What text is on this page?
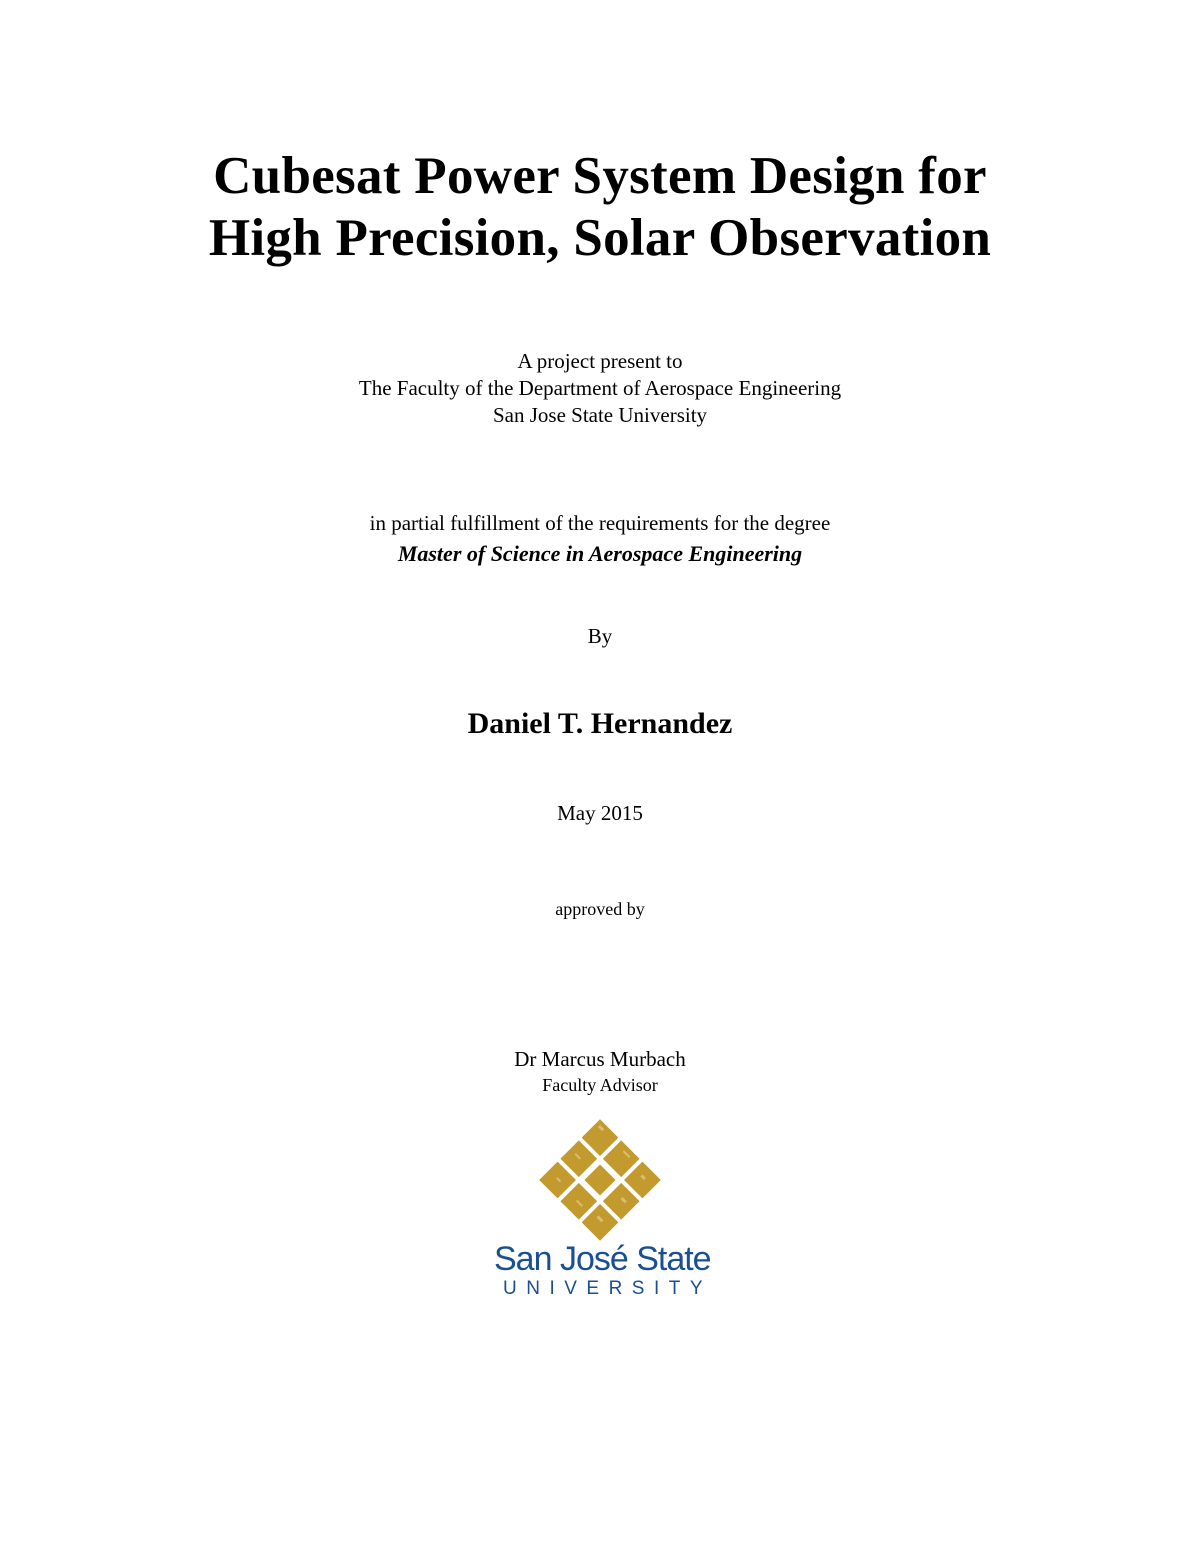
Cubesat Power System Design for
High Precision, Solar Observation
A project present to
The Faculty of the Department of Aerospace Engineering
San Jose State University
in partial fulfillment of the requirements for the degree
Master of Science in Aerospace Engineering
By
Daniel T. Hernandez
May 2015
approved by
Dr Marcus Murbach
Faculty Advisor
San José State
UNIVERSITY
